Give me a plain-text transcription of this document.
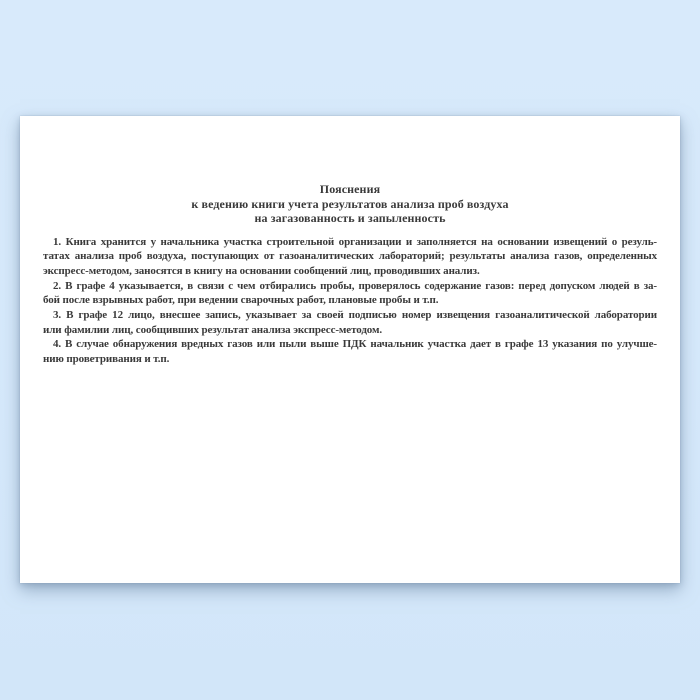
Пояснения
к ведению книги учета результатов анализа проб воздуха
на загазованность и запыленность
1. Книга хранится у начальника участка строительной организации и заполняется на основании извещений о резуль-
татах анализа проб воздуха, поступающих от газоаналитических лабораторий; результаты анализа газов, определенных
экспресс-методом, заносятся в книгу на основании сообщений лиц, проводивших анализ.
2. В графе 4 указывается, в связи с чем отбирались пробы, проверялось содержание газов: перед допуском людей в за-
бой после взрывных работ, при ведении сварочных работ, плановые пробы и т.п.
3. В графе 12 лицо, внесшее запись, указывает за своей подписью номер извещения газоаналитической лаборатории
или фамилии лиц, сообщивших результат анализа экспресс-методом.
4. В случае обнаружения вредных газов или пыли выше ПДК начальник участка дает в графе 13 указания по улучше-
нию проветривания и т.п.
